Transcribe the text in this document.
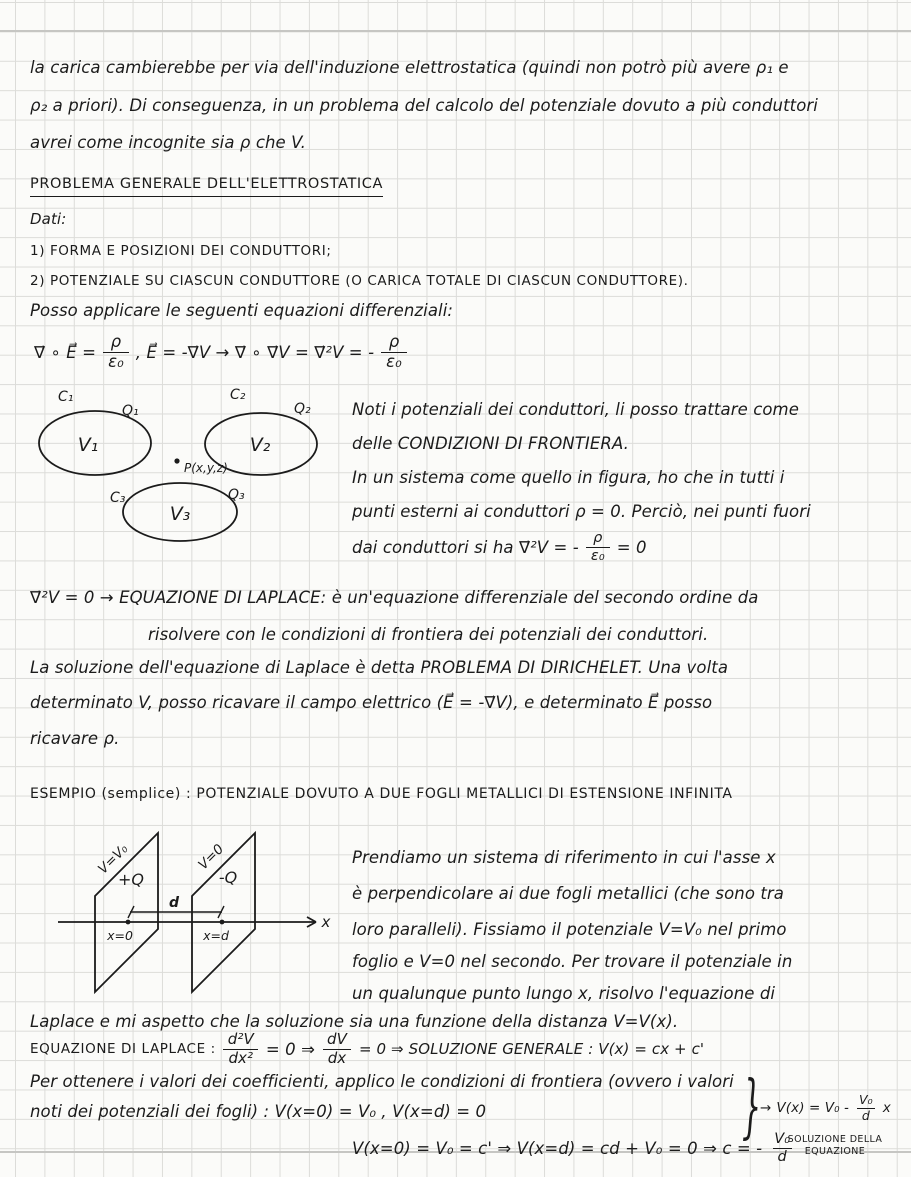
la carica cambierebbe per via dell'induzione elettrostatica (quindi non potrò più avere ρ₁ e
ρ₂ a priori). Di conseguenza, in un problema del calcolo del potenziale dovuto a più conduttori
avrei come incognite sia ρ che V.
PROBLEMA GENERALE DELL'ELETTROSTATICA
Dati:
1) FORMA E POSIZIONI DEI CONDUTTORI;
2) POTENZIALE SU CIASCUN CONDUTTORE (O CARICA TOTALE DI CIASCUN CONDUTTORE).
Posso applicare le seguenti equazioni differenziali:
∇⃗ ∘ E⃗ = $\frac{\rho}{\text{ε₀}}$ , E⃗ = -∇⃗V → ∇⃗ ∘ ∇⃗V = ∇⃗²V = - $\frac{\rho}{\text{ε₀}}$
C₁
Q₁
V₁
C₂
Q₂
V₂
P(x,y,z)
C₃	Q₃
V₃
Noti i potenziali dei conduttori, li posso trattare come
delle CONDIZIONI DI FRONTIERA.
In un sistema come quello in figura, ho che in tutti i
punti esterni ai conduttori ρ = 0. Perciò, nei punti fuori
dai conduttori si ha ∇⃗²V = - $\frac{\rho}{\text{ε₀}} = 0$
∇⃗²V = 0 → EQUAZIONE DI LAPLACE: è un'equazione differenziale del secondo ordine da
risolvere con le condizioni di frontiera dei potenziali dei conduttori.
La soluzione dell'equazione di Laplace è detta PROBLEMA DI DIRICHELET. Una volta
determinato V, posso ricavare il campo elettrico (E⃗ = -∇⃗V), e determinato E⃗ posso
ricavare ρ.
ESEMPIO (semplice) : POTENZIALE DOVUTO A DUE FOGLI METALLICI DI ESTENSIONE INFINITA
x
d
x=0	x=d
V=V₀
+Q
V=0
-Q
Prendiamo un sistema di riferimento in cui l'asse x
è perpendicolare ai due fogli metallici (che sono tra
loro paralleli). Fissiamo il potenziale V=V₀ nel primo
foglio e V=0 nel secondo. Per trovare il potenziale in
un qualunque punto lungo x, risolvo l'equazione di
Laplace e mi aspetto che la soluzione sia una funzione della distanza V=V(x).
EQUAZIONE DI LAPLACE : $\frac{\text{d²V}}{\text{dx²}} = 0$ ⇒ $\frac{dV}{dx} = 0$ ⇒ SOLUZIONE GENERALE : V(x) = cx + c'
Per ottenere i valori dei coefficienti, applico le condizioni di frontiera (ovvero i valori
noti dei potenziali dei fogli) : V(x=0) = V₀ , V(x=d) = 0
V(x=0) = V₀ = c' ⇒ V(x=d) = cd + V₀ = 0 ⇒ c = - $\frac{\text{V₀}}{d}$
}
→ $V(x) = V_0 - \frac{\text{V₀}}{d}$ x
SOLUZIONE DELLA
EQUAZIONE
